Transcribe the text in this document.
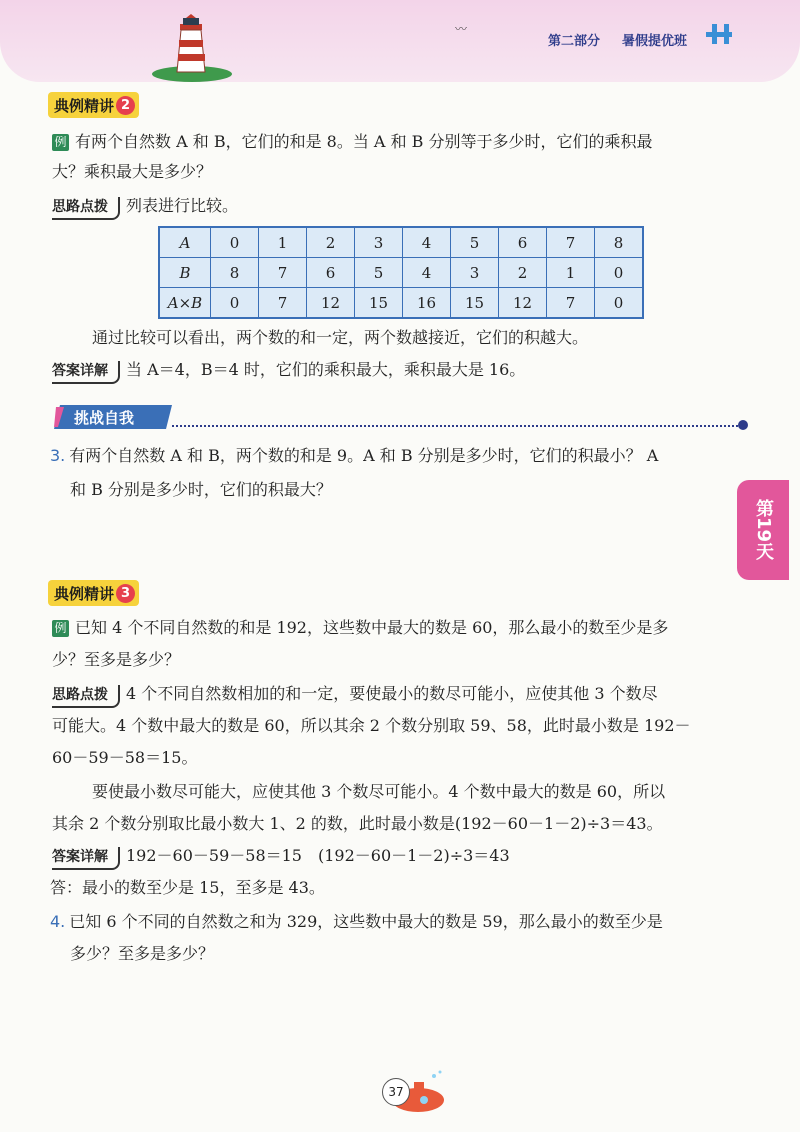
〰
第二部分 暑假提优班
典例精讲 2
例 有两个自然数 A 和 B，它们的和是 8。当 A 和 B 分别等于多少时，它们的乘积最
大？乘积最大是多少？
思路点拨 列表进行比较。
A	0	1	2	3	4	5	6	7	8
B	8	7	6	5	4	3	2	1	0
A×B	0	7	12	15	16	15	12	7	0
通过比较可以看出，两个数的和一定，两个数越接近，它们的积越大。
答案详解 当 A＝4，B＝4 时，它们的乘积最大，乘积最大是 16。
挑战自我
3. 有两个自然数 A 和 B，两个数的和是 9。A 和 B 分别是多少时，它们的积最小？ A
和 B 分别是多少时，它们的积最大？
第19天
典例精讲 3
例 已知 4 个不同自然数的和是 192，这些数中最大的数是 60，那么最小的数至少是多
少？至多是多少？
思路点拨 4 个不同自然数相加的和一定，要使最小的数尽可能小，应使其他 3 个数尽
可能大。4 个数中最大的数是 60，所以其余 2 个数分别取 59、58，此时最小数是 192－
60－59－58＝15。
要使最小数尽可能大，应使其他 3 个数尽可能小。4 个数中最大的数是 60，所以
其余 2 个数分别取比最小数大 1、2 的数，此时最小数是(192－60－1－2)÷3＝43。
答案详解 192－60－59－58＝15　(192－60－1－2)÷3＝43
答：最小的数至少是 15，至多是 43。
4. 已知 6 个不同的自然数之和为 329，这些数中最大的数是 59，那么最小的数至少是
多少？至多是多少？
37
